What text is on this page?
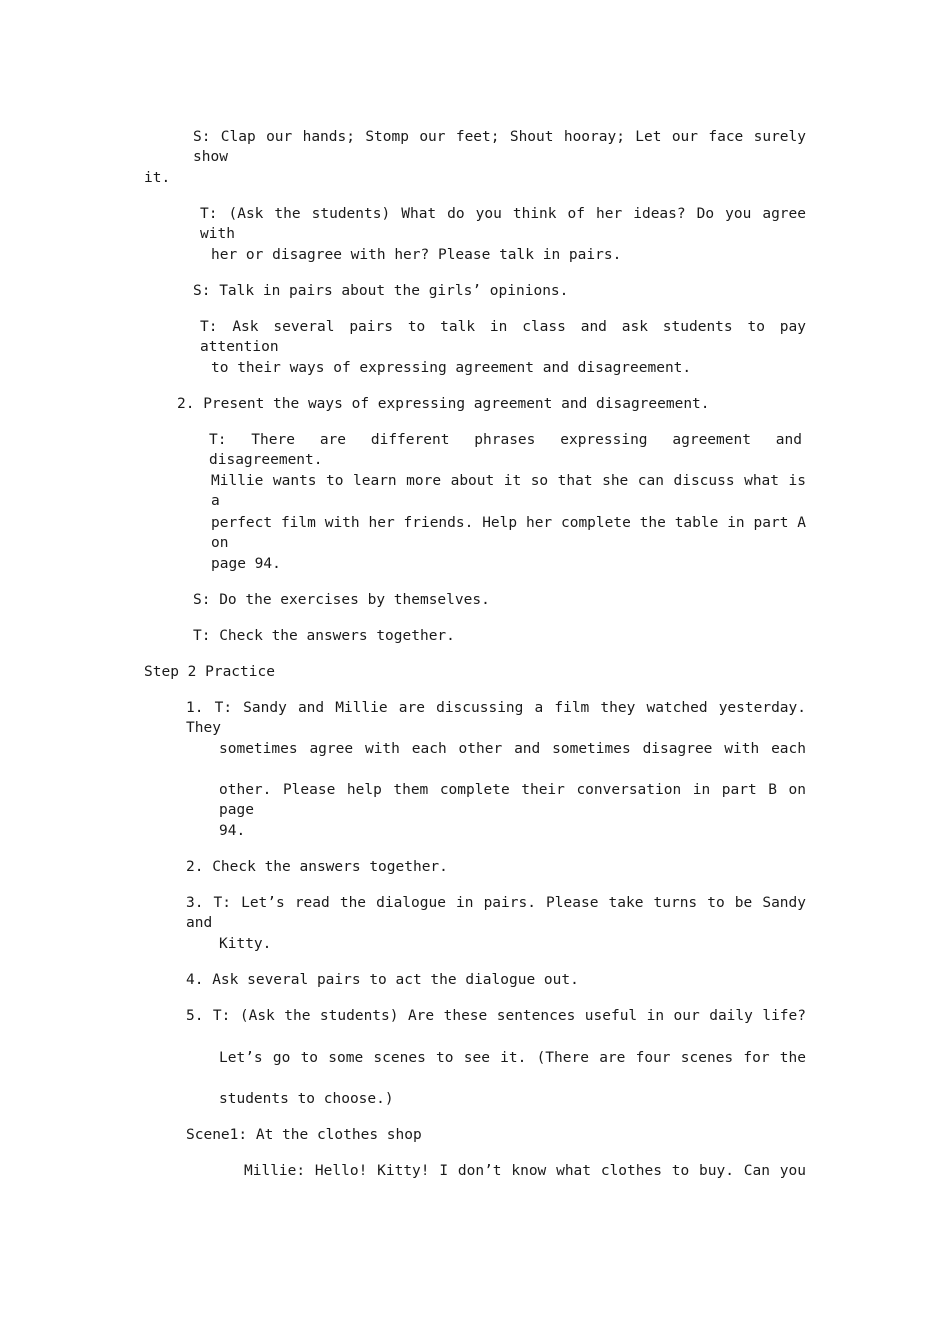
S: Clap our hands; Stomp our feet; Shout hooray; Let our face surely show
it.
T: (Ask the students) What do you think of her ideas? Do you agree with
her or disagree with her? Please talk in pairs.
S: Talk in pairs about the girls’ opinions.
T: Ask several pairs to talk in class and ask students to pay attention
to their ways of expressing agreement and disagreement.
2. Present the ways of expressing agreement and disagreement.
T: There are different phrases expressing agreement and disagreement.
Millie wants to learn more about it so that she can discuss what is a
perfect film with her friends. Help her complete the table in part A on
page 94.
S: Do the exercises by themselves.
T: Check the answers together.
Step 2 Practice
1. T: Sandy and Millie are discussing a film they watched yesterday. They
sometimes agree with each other and sometimes disagree with each
other. Please help them complete their conversation in part B on page
94.
2. Check the answers together.
3. T: Let’s read the dialogue in pairs. Please take turns to be Sandy and
Kitty.
4. Ask several pairs to act the dialogue out.
5. T: (Ask the students) Are these sentences useful in our daily life?
Let’s go to some scenes to see it. (There are four scenes for the
students to choose.)
Scene1: At the clothes shop
Millie: Hello! Kitty! I don’t know what clothes to buy. Can you
